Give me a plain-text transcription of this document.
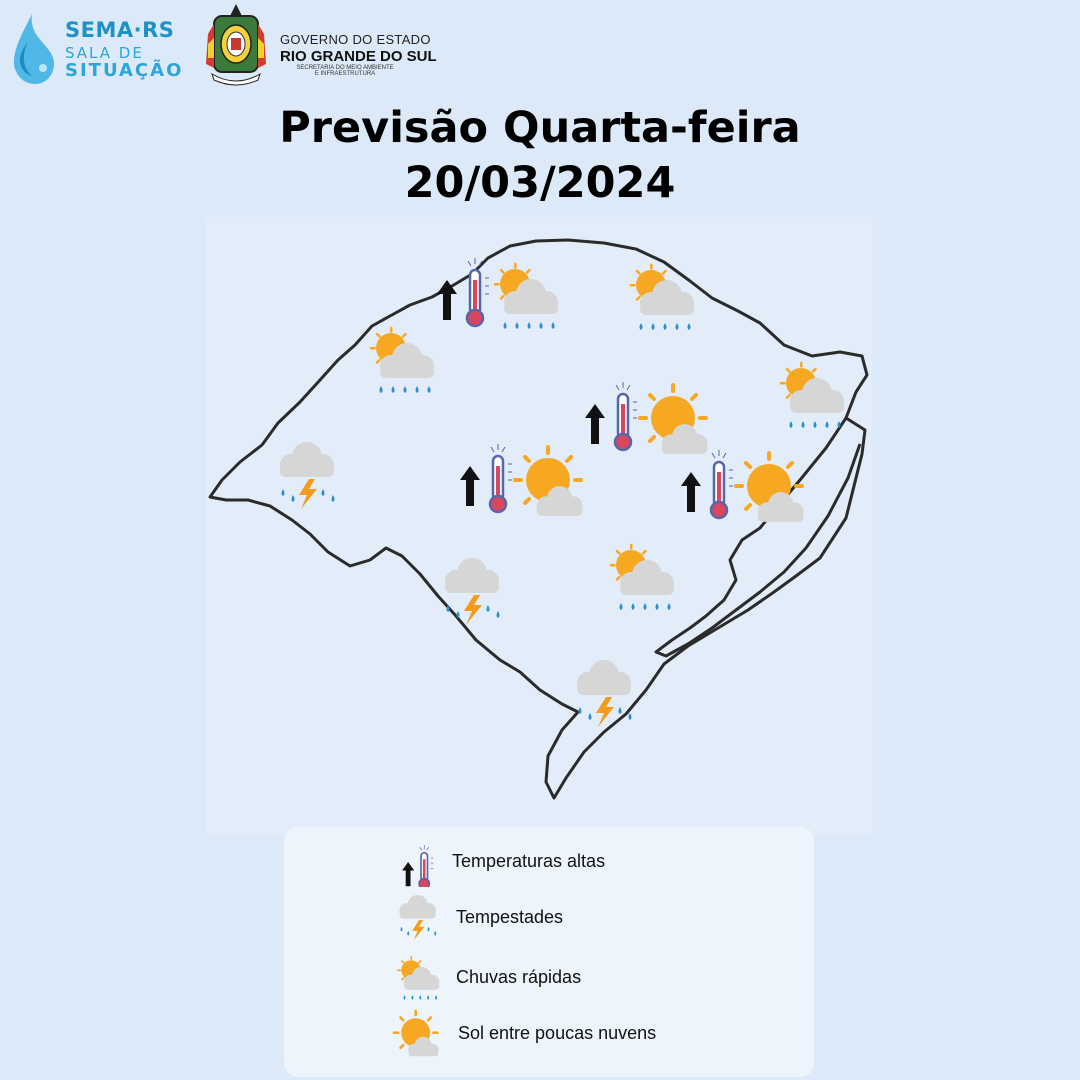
SEMA·RS
SALA DE
SITUAÇÃO
GOVERNO DO ESTADO
RIO GRANDE DO SUL
SECRETARIA DO MEIO AMBIENTE
E INFRAESTRUTURA
Previsão Quarta-feira
20/03/2024
Temperaturas altas
Tempestades
Chuvas rápidas
Sol entre poucas nuvens
